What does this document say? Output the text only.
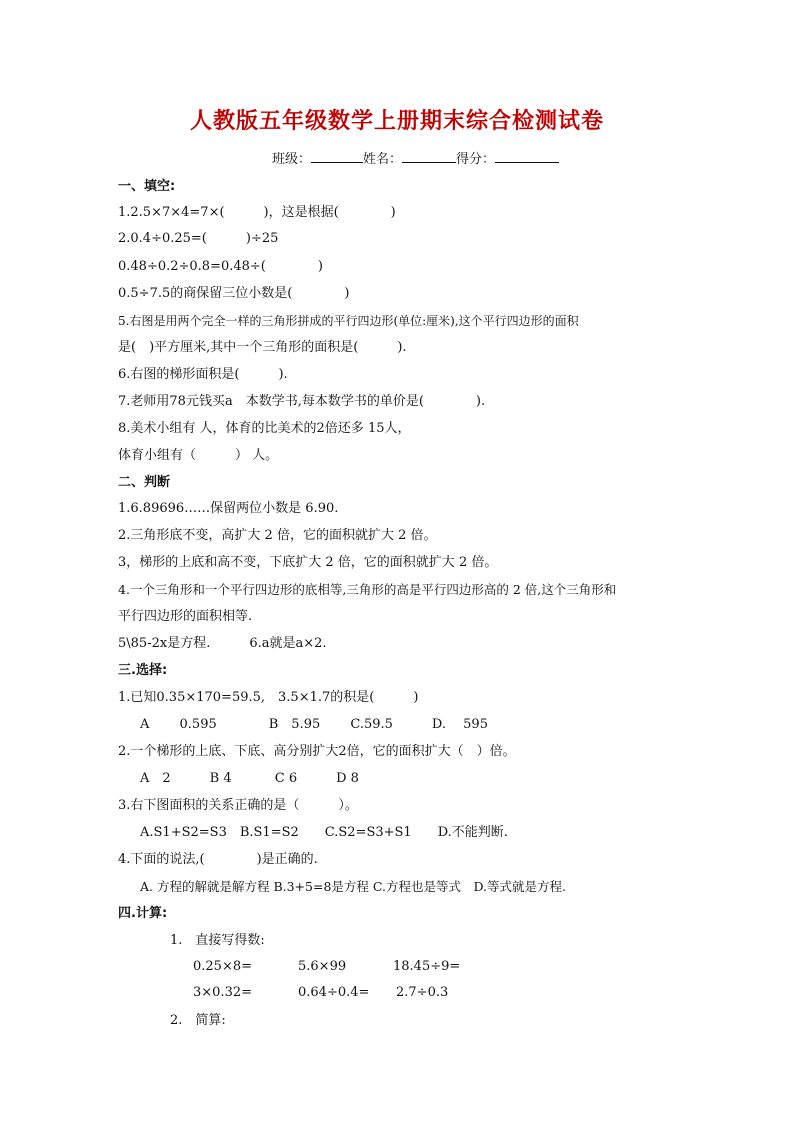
人教版五年级数学上册期末综合检测试卷
班级：	姓名：	得分：
一、填空:
1.2.5×7×4=7×(　　　)，这是根据(　　　　)
2.0.4÷0.25=(　　　)÷25
0.48÷0.2÷0.8=0.48÷(　　　　)
0.5÷7.5的商保留三位小数是(　　　　)
5.右图是用两个完全一样的三角形拼成的平行四边形(单位:厘米),这个平行四边形的面积
是(　)平方厘米,其中一个三角形的面积是(　　　).
6.右图的梯形面积是(　　　).
7.老师用78元钱买a　本数学书,每本数学书的单价是(　　　　).
8.美术小组有 人，体育的比美术的2倍还多 15人，
体育小组有（　　　） 人。
二、判断
1.6.89696……保留两位小数是 6.90.
2.三角形底不变，高扩大 2 倍，它的面积就扩大 2 倍。
3，梯形的上底和高不变，下底扩大 2 倍，它的面积就扩大 2 倍。
4.一个三角形和一个平行四边形的底相等,三角形的高是平行四边形高的 2 倍,这个三角形和
平行四边形的面积相等.
5\85-2x是方程.　　　6.a就是a×2.
三.选择:
1.已知0.35×170=59.5,　3.5×1.7的积是(　　　)
A　　 0.595　　　　B　5.95　　 C.59.5　　　D.　 595
2.一个梯形的上底、下底、高分别扩大2倍，它的面积扩大（　）倍。
A　2　　　B 4　　　 C 6　　　D 8
3.右下图面积的关系正确的是（　　　）。
A.S1+S2=S3　B.S1=S2　　C.S2=S3+S1　　D.不能判断.
4.下面的说法,(　　　　)是正确的.
A. 方程的解就是解方程 B.3+5=8是方程 C.方程也是等式　D.等式就是方程.
四.计算:
1.　直接写得数:
0.25×8=	5.6×99	18.45÷9=
3×0.32=	0.64÷0.4= 2.7÷0.3
2.　简算:
